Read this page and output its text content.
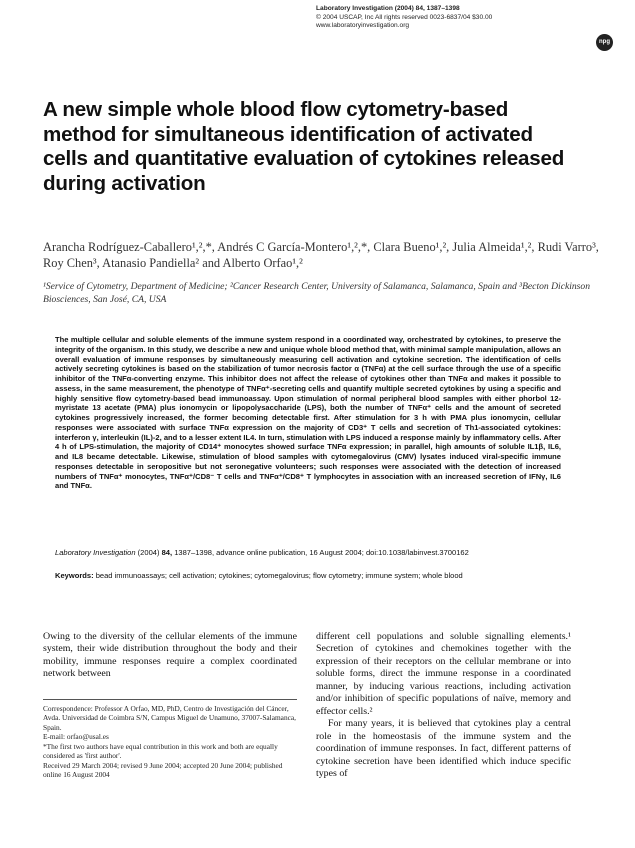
Laboratory Investigation (2004) 84, 1387–1398
© 2004 USCAP, Inc All rights reserved 0023-6837/04 $30.00
www.laboratoryinvestigation.org
npg
A new simple whole blood flow cytometry-based method for simultaneous identification of activated cells and quantitative evaluation of cytokines released during activation
Arancha Rodríguez-Caballero¹,²,*, Andrés C García-Montero¹,²,*, Clara Bueno¹,², Julia Almeida¹,², Rudi Varro³, Roy Chen³, Atanasio Pandiella² and Alberto Orfao¹,²
¹Service of Cytometry, Department of Medicine; ²Cancer Research Center, University of Salamanca, Salamanca, Spain and ³Becton Dickinson Biosciences, San José, CA, USA
The multiple cellular and soluble elements of the immune system respond in a coordinated way, orchestrated by cytokines, to preserve the integrity of the organism. In this study, we describe a new and unique whole blood method that, with minimal sample manipulation, allows an overall evaluation of immune responses by simultaneously measuring cell activation and cytokine secretion. The identification of cells actively secreting cytokines is based on the stabilization of tumor necrosis factor α (TNFα) at the cell surface through the use of a specific inhibitor of the TNFα-converting enzyme. This inhibitor does not affect the release of cytokines other than TNFα and makes it possible to assess, in the same measurement, the phenotype of TNFα⁺-secreting cells and quantify multiple secreted cytokines by using a specific and highly sensitive flow cytometry-based bead immunoassay. Upon stimulation of normal peripheral blood samples with either phorbol 12-myristate 13 acetate (PMA) plus ionomycin or lipopolysaccharide (LPS), both the number of TNFα⁺ cells and the amount of secreted cytokines progressively increased, the former becoming detectable first. After stimulation for 3 h with PMA plus ionomycin, cellular responses were associated with surface TNFα expression on the majority of CD3⁺ T cells and secretion of Th1-associated cytokines: interferon γ, interleukin (IL)-2, and to a lesser extent IL4. In turn, stimulation with LPS induced a response mainly by inflammatory cells. After 4 h of LPS-stimulation, the majority of CD14⁺ monocytes showed surface TNFα expression; in parallel, high amounts of soluble IL1β, IL6, and IL8 became detectable. Likewise, stimulation of blood samples with cytomegalovirus (CMV) lysates induced viral-specific immune responses detectable in seropositive but not seronegative volunteers; such responses were associated with the detection of increased numbers of TNFα⁺ monocytes, TNFα⁺/CD8⁻ T cells and TNFα⁺/CD8⁺ T lymphocytes in association with an increased secretion of IFNγ, IL6 and TNFα.
Laboratory Investigation (2004) 84, 1387–1398, advance online publication, 16 August 2004; doi:10.1038/labinvest.3700162
Keywords: bead immunoassays; cell activation; cytokines; cytomegalovirus; flow cytometry; immune system; whole blood

Owing to the diversity of the cellular elements of the immune system, their wide distribution throughout the body and their mobility, immune responses require a complex coordinated network between

Correspondence: Professor A Orfao, MD, PhD, Centro de Investigación del Cáncer, Avda. Universidad de Coimbra S/N, Campus Miguel de Unamuno, 37007-Salamanca, Spain.

E-mail: orfao@usal.es

*The first two authors have equal contribution in this work and both are equally considered as 'first author'.

Received 29 March 2004; revised 9 June 2004; accepted 20 June 2004; published online 16 August 2004

different cell populations and soluble signalling elements.¹ Secretion of cytokines and chemokines together with the expression of their receptors on the cellular membrane or into soluble forms, direct the immune response in a coordinated manner, by inducing various reactions, including activation and/or inhibition of specific populations of naïve, memory and effector cells.²

For many years, it is believed that cytokines play a central role in the homeostasis of the immune system and the coordination of immune responses. In fact, different patterns of cytokine secretion have been identified which induce specific types of
